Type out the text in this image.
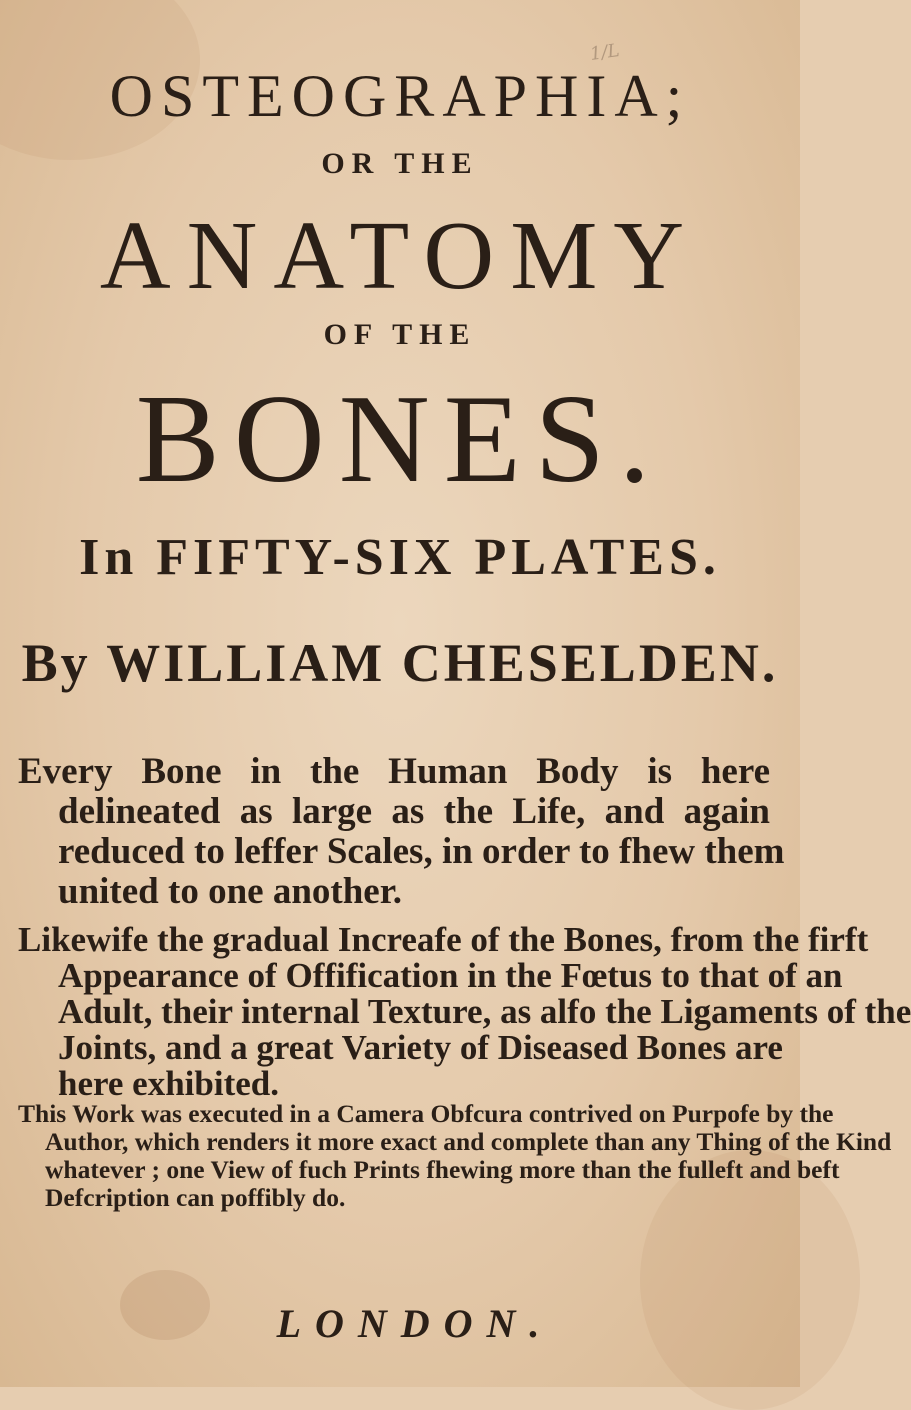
1/L
OSTEOGRAPHIA;
OR THE
ANATOMY
OF THE
BONES.
In FIFTY-SIX PLATES.
By WILLIAM CHESELDEN.
Every Bone in the Human Body is here
delineated as large as the Life, and again
reduced to leffer Scales, in order to fhew them
united to one another.
Likewife the gradual Increafe of the Bones, from the firft
Appearance of Offification in the Fœtus to that of an
Adult, their internal Texture, as alfo the Ligaments of the
Joints, and a great Variety of Diseased Bones are
here exhibited.
This Work was executed in a Camera Obfcura contrived on Purpofe by the
Author, which renders it more exact and complete than any Thing of the Kind
whatever ; one View of fuch Prints fhewing more than the fulleft and beft
Defcription can poffibly do.
LONDON.
